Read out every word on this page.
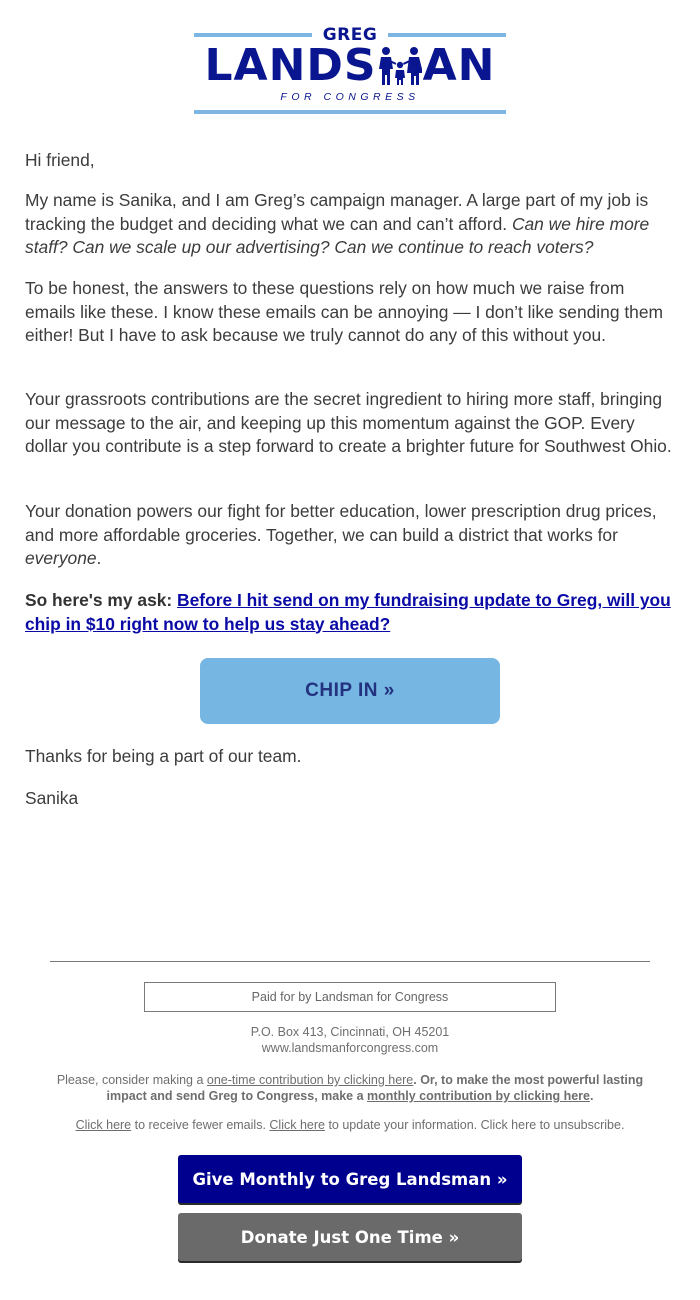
GREG
LANDS AN
FOR CONGRESS

Hi friend,

My name is Sanika, and I am Greg’s campaign manager. A large part of my job is tracking the budget and deciding what we can and can’t afford. Can we hire more staff? Can we scale up our advertising? Can we continue to reach voters?

To be honest, the answers to these questions rely on how much we raise from emails like these. I know these emails can be annoying — I don’t like sending them either! But I have to ask because we truly cannot do any of this without you.

Your grassroots contributions are the secret ingredient to hiring more staff, bringing our message to the air, and keeping up this momentum against the GOP. Every dollar you contribute is a step forward to create a brighter future for Southwest Ohio.

Your donation powers our fight for better education, lower prescription drug prices, and more affordable groceries. Together, we can build a district that works for everyone.

So here's my ask: Before I hit send on my fundraising update to Greg, will you chip in $10 right now to help us stay ahead?

CHIP IN »

Thanks for being a part of our team.

Sanika

Paid for by Landsman for Congress
P.O. Box 413, Cincinnati, OH 45201
www.landsmanforcongress.com
Please, consider making a one-time contribution by clicking here. Or, to make the most powerful lasting impact and send Greg to Congress, make a monthly contribution by clicking here.
Click here to receive fewer emails. Click here to update your information. Click here to unsubscribe.
Give Monthly to Greg Landsman »
Donate Just One Time »
